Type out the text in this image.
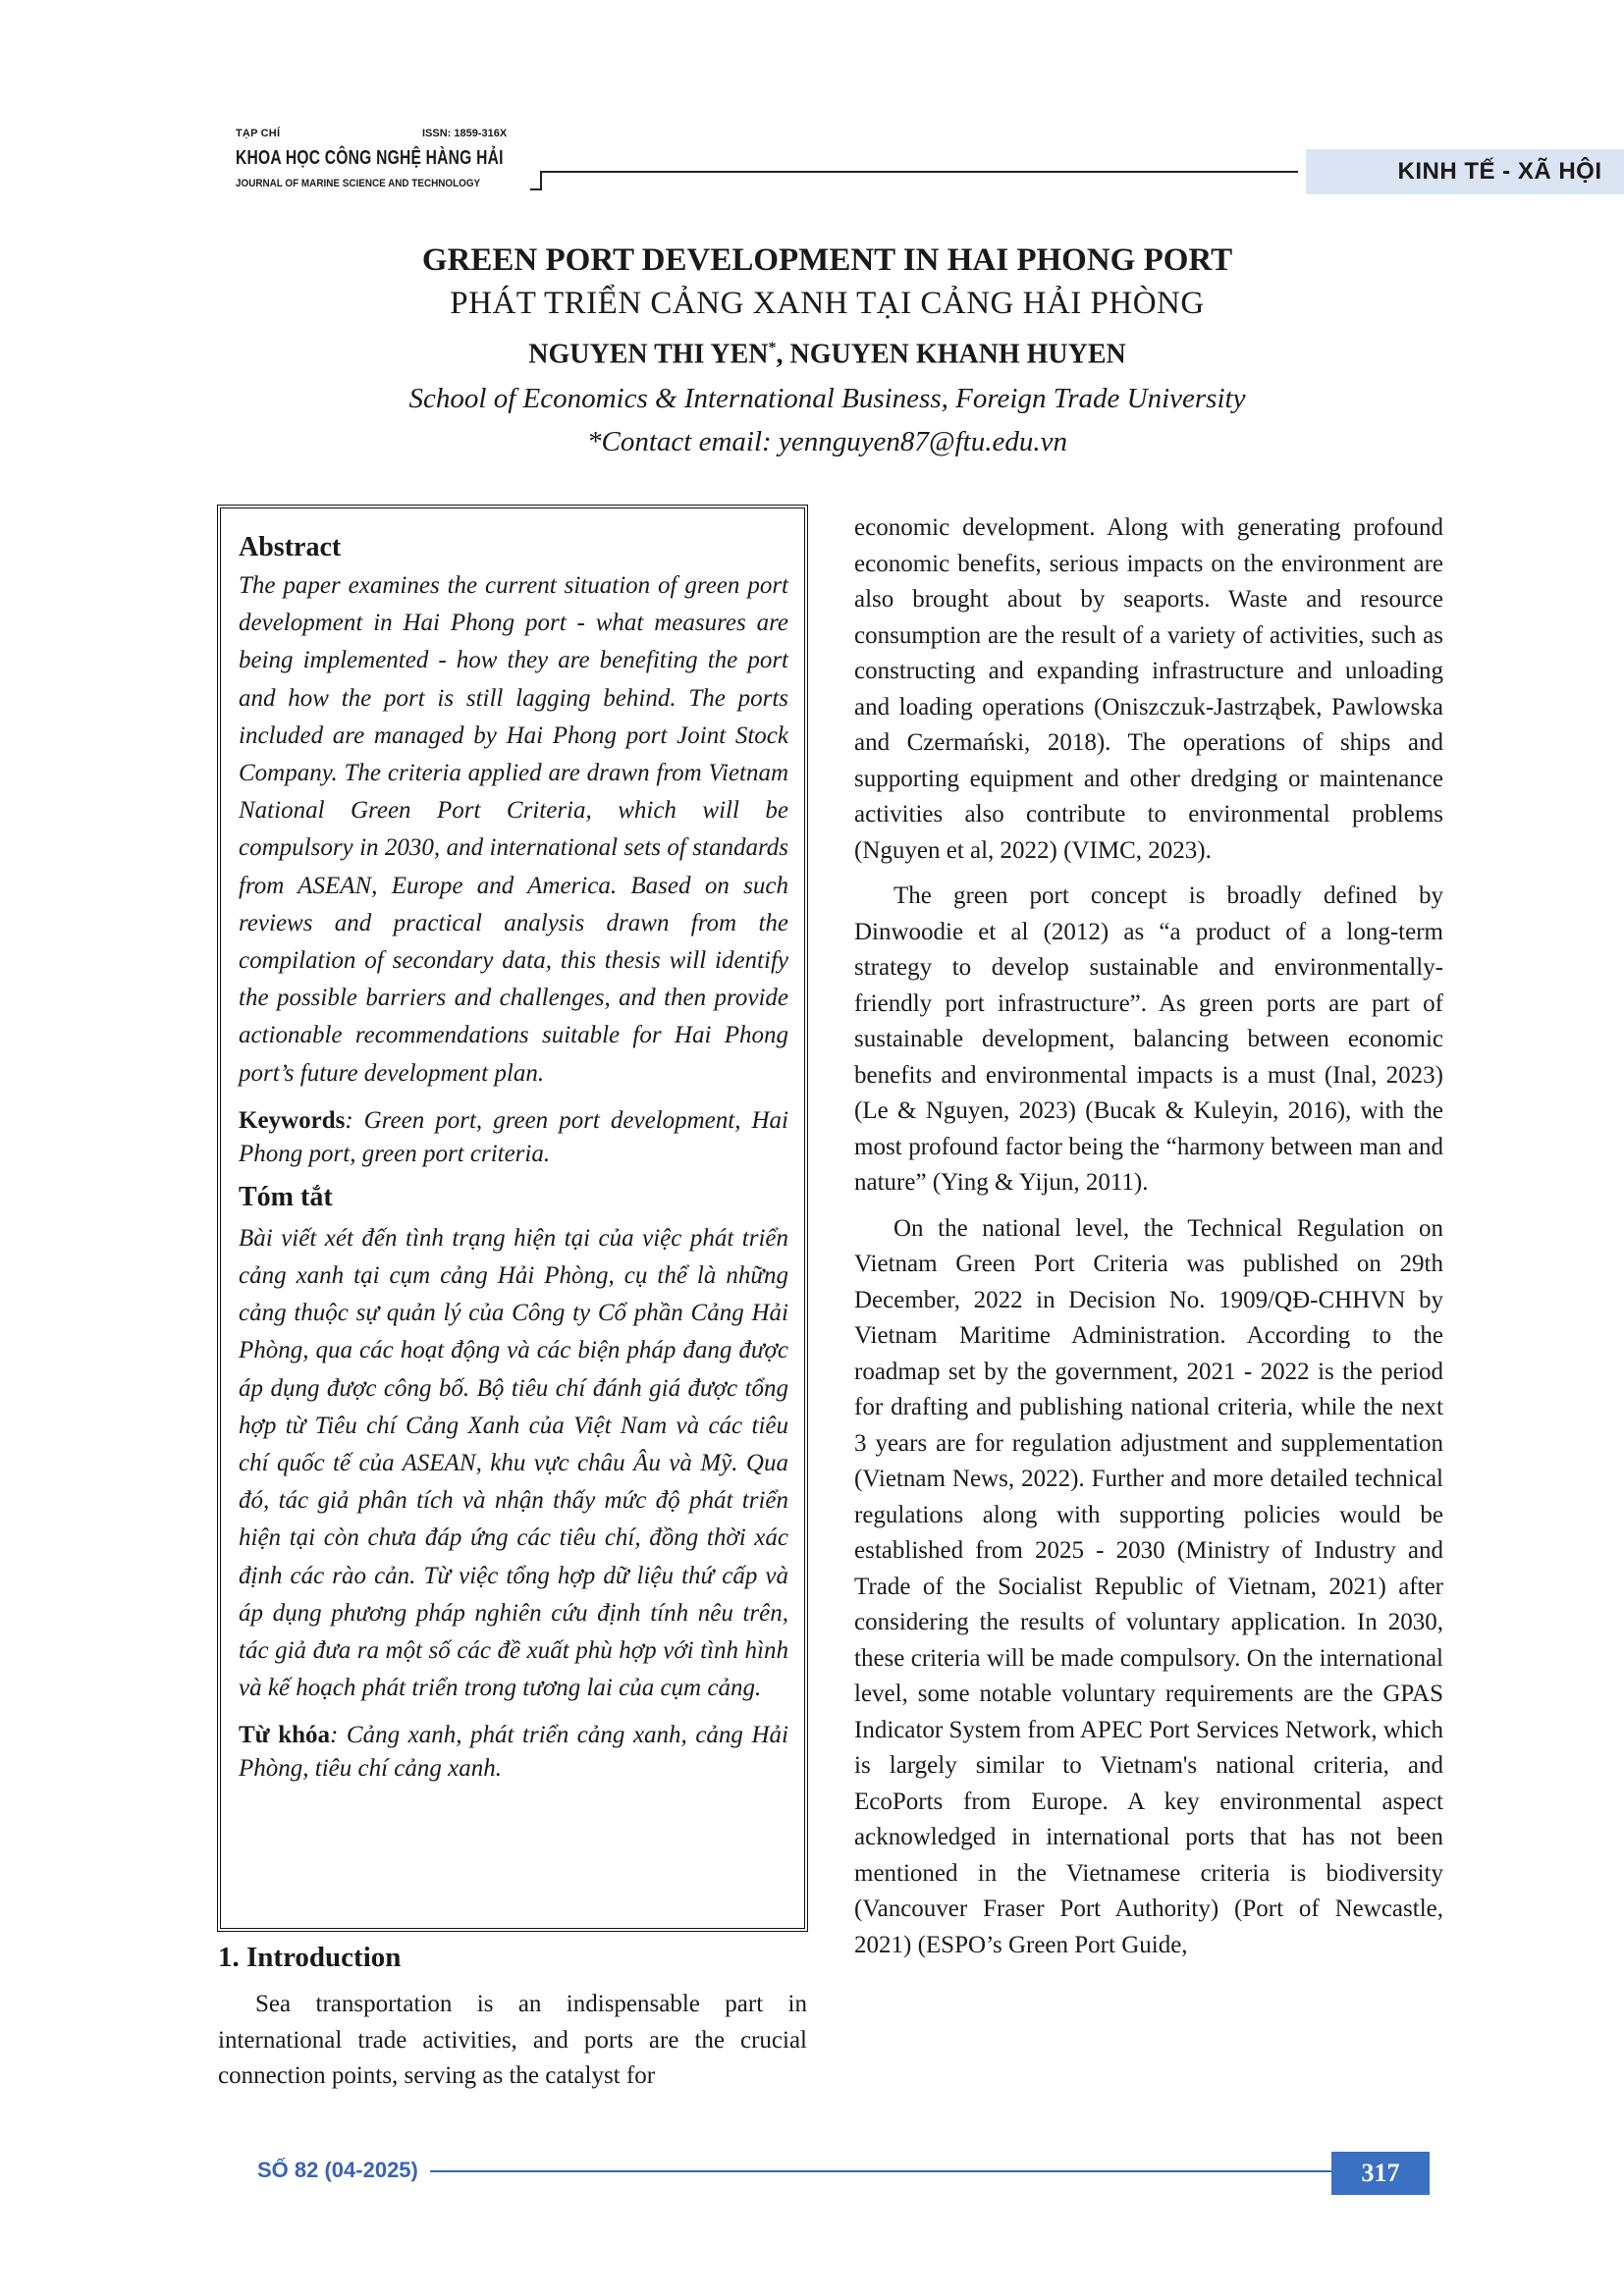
TẠP CHÍ	ISSN: 1859-316X
KHOA HỌC CÔNG NGHỆ HÀNG HẢI
JOURNAL OF MARINE SCIENCE AND TECHNOLOGY	KINH TẾ - XÃ HỘI
GREEN PORT DEVELOPMENT IN HAI PHONG PORT
PHÁT TRIỂN CẢNG XANH TẠI CẢNG HẢI PHÒNG
NGUYEN THI YEN*, NGUYEN KHANH HUYEN
School of Economics & International Business, Foreign Trade University
*Contact email: yennguyen87@ftu.edu.vn

Abstract

The paper examines the current situation of green port development in Hai Phong port - what measures are being implemented - how they are benefiting the port and how the port is still lagging behind. The ports included are managed by Hai Phong port Joint Stock Company. The criteria applied are drawn from Vietnam National Green Port Criteria, which will be compulsory in 2030, and international sets of standards from ASEAN, Europe and America. Based on such reviews and practical analysis drawn from the compilation of secondary data, this thesis will identify the possible barriers and challenges, and then provide actionable recommendations suitable for Hai Phong port’s future development plan.

Keywords: Green port, green port development, Hai Phong port, green port criteria.

Tóm tắt

Bài viết xét đến tình trạng hiện tại của việc phát triển cảng xanh tại cụm cảng Hải Phòng, cụ thể là những cảng thuộc sự quản lý của Công ty Cổ phần Cảng Hải Phòng, qua các hoạt động và các biện pháp đang được áp dụng được công bố. Bộ tiêu chí đánh giá được tổng hợp từ Tiêu chí Cảng Xanh của Việt Nam và các tiêu chí quốc tế của ASEAN, khu vực châu Âu và Mỹ. Qua đó, tác giả phân tích và nhận thấy mức độ phát triển hiện tại còn chưa đáp ứng các tiêu chí, đồng thời xác định các rào cản. Từ việc tổng hợp dữ liệu thứ cấp và áp dụng phương pháp nghiên cứu định tính nêu trên, tác giả đưa ra một số các đề xuất phù hợp với tình hình và kế hoạch phát triển trong tương lai của cụm cảng.

Từ khóa: Cảng xanh, phát triển cảng xanh, cảng Hải Phòng, tiêu chí cảng xanh.

1. Introduction

Sea transportation is an indispensable part in international trade activities, and ports are the crucial connection points, serving as the catalyst for

economic development. Along with generating profound economic benefits, serious impacts on the environment are also brought about by seaports. Waste and resource consumption are the result of a variety of activities, such as constructing and expanding infrastructure and unloading and loading operations (Oniszczuk-Jastrząbek, Pawlowska and Czermański, 2018). The operations of ships and supporting equipment and other dredging or maintenance activities also contribute to environmental problems (Nguyen et al, 2022) (VIMC, 2023).

The green port concept is broadly defined by Dinwoodie et al (2012) as “a product of a long-term strategy to develop sustainable and environmentally-friendly port infrastructure”. As green ports are part of sustainable development, balancing between economic benefits and environmental impacts is a must (Inal, 2023) (Le & Nguyen, 2023) (Bucak & Kuleyin, 2016), with the most profound factor being the “harmony between man and nature” (Ying & Yijun, 2011).

On the national level, the Technical Regulation on Vietnam Green Port Criteria was published on 29th December, 2022 in Decision No. 1909/QĐ-CHHVN by Vietnam Maritime Administration. According to the roadmap set by the government, 2021 - 2022 is the period for drafting and publishing national criteria, while the next 3 years are for regulation adjustment and supplementation (Vietnam News, 2022). Further and more detailed technical regulations along with supporting policies would be established from 2025 - 2030 (Ministry of Industry and Trade of the Socialist Republic of Vietnam, 2021) after considering the results of voluntary application. In 2030, these criteria will be made compulsory. On the international level, some notable voluntary requirements are the GPAS Indicator System from APEC Port Services Network, which is largely similar to Vietnam's national criteria, and EcoPorts from Europe. A key environmental aspect acknowledged in international ports that has not been mentioned in the Vietnamese criteria is biodiversity (Vancouver Fraser Port Authority) (Port of Newcastle, 2021) (ESPO’s Green Port Guide,

SỐ 82 (04-2025)	317
